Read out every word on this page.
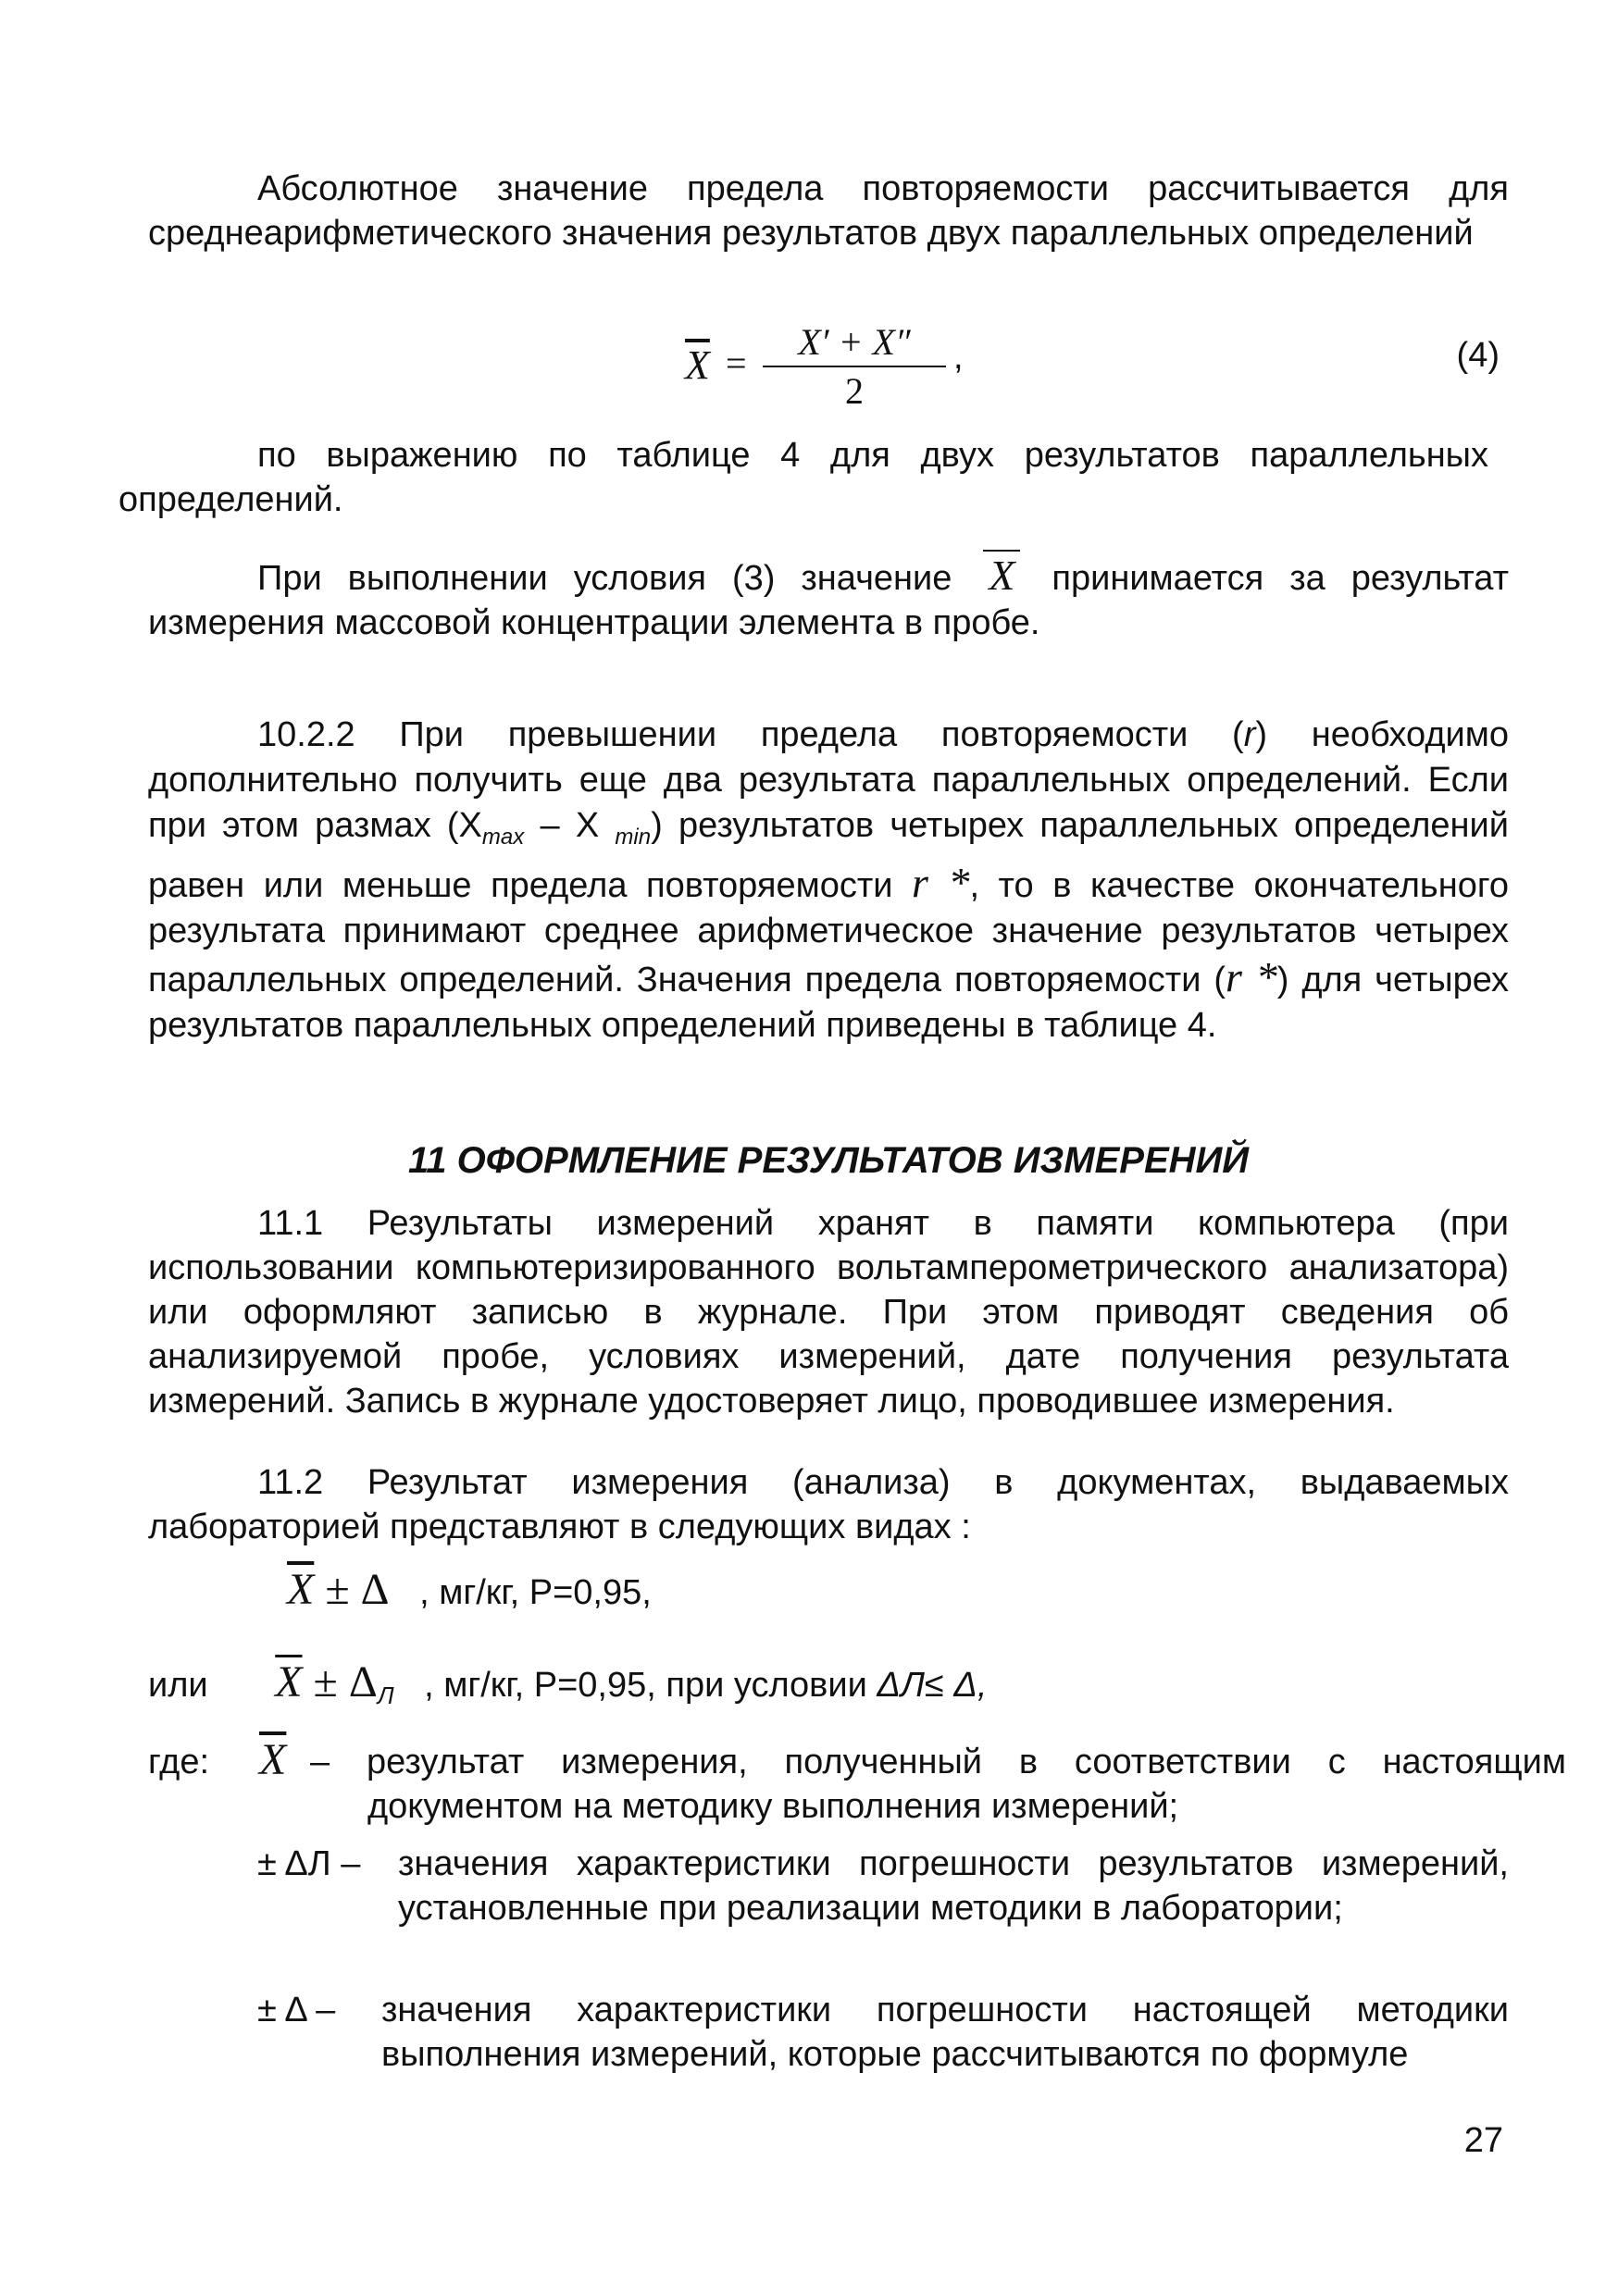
Абсолютное значение предела повторяемости рассчитывается для среднеарифметического значения результатов двух параллельных определений
$\overline{X}$ =
X′ + X″
2
,	(4)
по выражению по таблице 4 для двух результатов параллельных определений.
При выполнении условия (3) значение X принимается за результат измерения массовой концентрации элемента в пробе.
10.2.2 При превышении предела повторяемости (r) необходимо дополнительно получить еще два результата параллельных определений. Если при этом размах ($X_{max}$ – X $_{min}$) результатов четырех параллельных определений равен или меньше предела повторяемости r *, то в качестве окончательного результата принимают среднее арифметическое значение результатов четырех параллельных определений. Значения предела повторяемости (r *) для четырех результатов параллельных определений приведены в таблице 4.
11 ОФОРМЛЕНИЕ РЕЗУЛЬТАТОВ ИЗМЕРЕНИЙ
11.1 Результаты измерений хранят в памяти компьютера (при использовании компьютеризированного вольтамперометрического анализатора) или оформляют записью в журнале. При этом приводят сведения об анализируемой пробе, условиях измерений, дате получения результата измерений. Запись в журнале удостоверяет лицо, проводившее измерения.
11.2 Результат измерения (анализа) в документах, выдаваемых лабораторией представляют в следующих видах :
$\overline{X} \pm \Delta$ , мг/кг, Р=0,95,
или $X \pm \Delta_Л$ , мг/кг, Р=0,95, при условии ΔЛ≤ Δ,
где:	$\overline{X}$ – результат измерения, полученный в соответствии с настоящим документом на методику выполнения измерений;
± ΔЛ – значения характеристики погрешности результатов измерений, установленные при реализации методики в лаборатории;
± Δ – значения характеристики погрешности настоящей методики выполнения измерений, которые рассчитываются по формуле
27
